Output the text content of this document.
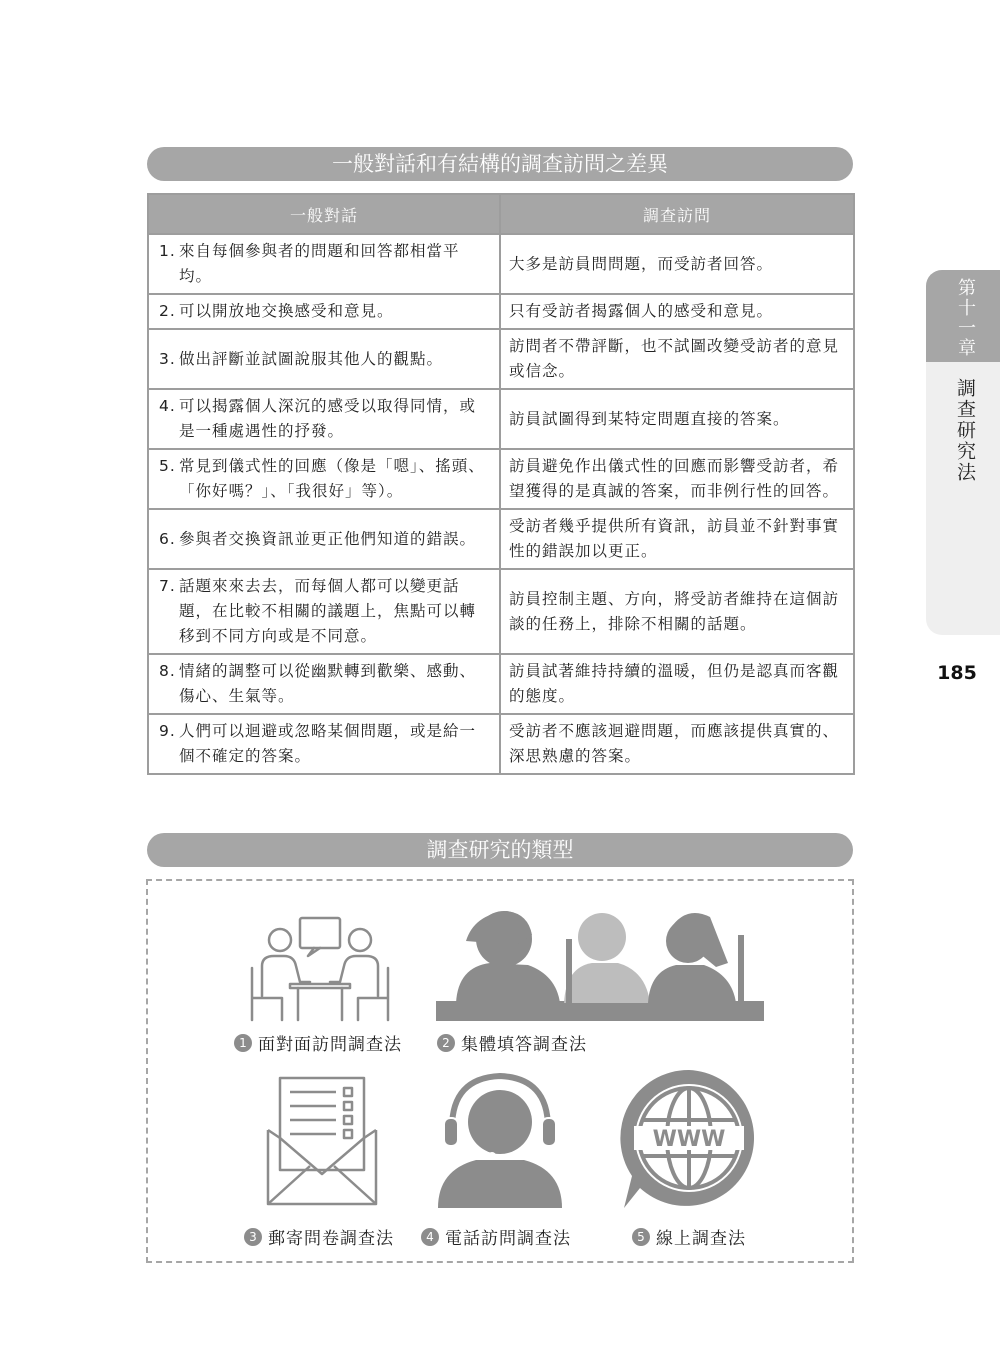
一般對話和有結構的調查訪問之差異
一般對話	調查訪問

1. 來自每個參與者的問題和回答都相當平均。	大多是訪員問問題，而受訪者回答。

2. 可以開放地交換感受和意見。	只有受訪者揭露個人的感受和意見。

3. 做出評斷並試圖說服其他人的觀點。	訪問者不帶評斷，也不試圖改變受訪者的意見或信念。

4. 可以揭露個人深沉的感受以取得同情，或是一種處遇性的抒發。	訪員試圖得到某特定問題直接的答案。

5. 常見到儀式性的回應（像是「嗯」、搖頭、「你好嗎？」、「我很好」等）。	訪員避免作出儀式性的回應而影響受訪者，希望獲得的是真誠的答案，而非例行性的回答。

6. 參與者交換資訊並更正他們知道的錯誤。	受訪者幾乎提供所有資訊，訪員並不針對事實性的錯誤加以更正。

7. 話題來來去去，而每個人都可以變更話題，在比較不相關的議題上，焦點可以轉移到不同方向或是不同意。	訪員控制主題、方向，將受訪者維持在這個訪談的任務上，排除不相關的話題。

8. 情緒的調整可以從幽默轉到歡樂、感動、傷心、生氣等。	訪員試著維持持續的溫暖，但仍是認真而客觀的態度。

9. 人們可以迴避或忽略某個問題，或是給一個不確定的答案。	受訪者不應該迴避問題，而應該提供真實的、深思熟慮的答案。
第十一章
調查研究法
185
調查研究的類型
1 面對面訪問調查法	2 集體填答調查法
WWW
3 郵寄問卷調查法	4 電話訪問調查法	5 線上調查法
